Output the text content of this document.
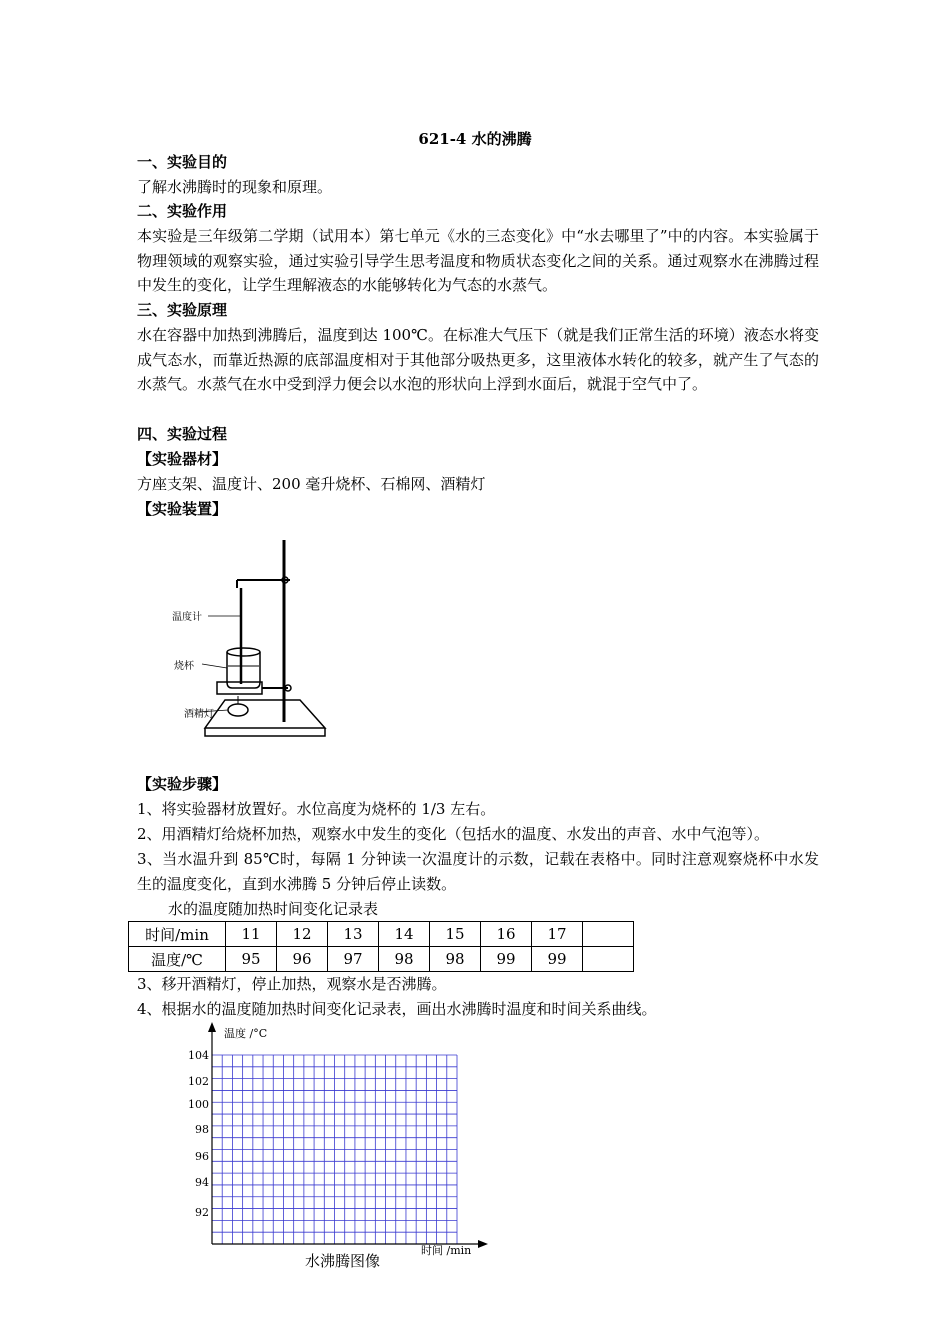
621-4 水的沸腾
一、实验目的
了解水沸腾时的现象和原理。
二、实验作用
本实验是三年级第二学期（试用本）第七单元《水的三态变化》中“水去哪里了”中的内容。本实验属于物理领域的观察实验，通过实验引导学生思考温度和物质状态变化之间的关系。通过观察水在沸腾过程中发生的变化，让学生理解液态的水能够转化为气态的水蒸气。
三、实验原理
水在容器中加热到沸腾后，温度到达 100℃。在标准大气压下（就是我们正常生活的环境）液态水将变成气态水，而靠近热源的底部温度相对于其他部分吸热更多，这里液体水转化的较多，就产生了气态的水蒸气。水蒸气在水中受到浮力便会以水泡的形状向上浮到水面后，就混于空气中了。
四、实验过程
【实验器材】
方座支架、温度计、200 毫升烧杯、石棉网、酒精灯
【实验装置】
温度计
烧杯
酒精灯
【实验步骤】
1、将实验器材放置好。水位高度为烧杯的 1/3 左右。
2、用酒精灯给烧杯加热，观察水中发生的变化（包括水的温度、水发出的声音、水中气泡等）。
3、当水温升到 85℃时，每隔 1 分钟读一次温度计的示数，记载在表格中。同时注意观察烧杯中水发生的温度变化，直到水沸腾 5 分钟后停止读数。
水的温度随加热时间变化记录表
时间/min	11	12	13	14	15	16	17	
温度/℃	95	96	97	98	98	99	99	
3、移开酒精灯，停止加热，观察水是否沸腾。
4、根据水的温度随加热时间变化记录表，画出水沸腾时温度和时间关系曲线。
温度 /°C
时间 /min
104
102
100
98
96
94
92
水沸腾图像
